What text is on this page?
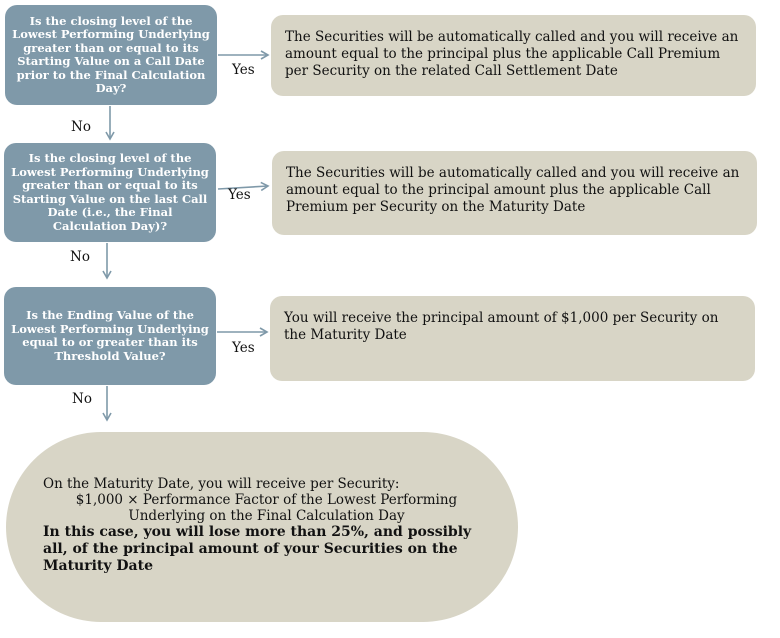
Is the closing level of the Lowest Performing Underlying greater than or equal to its Starting Value on a Call Date prior to the Final Calculation Day?
Yes
The Securities will be automatically called and you will receive an amount equal to the principal plus the applicable Call Premium per Security on the related Call Settlement Date
No
Is the closing level of the Lowest Performing Underlying greater than or equal to its Starting Value on the last Call Date (i.e., the Final Calculation Day)?
Yes
The Securities will be automatically called and you will receive an amount equal to the principal amount plus the applicable Call Premium per Security on the Maturity Date
No
Is the Ending Value of the Lowest Performing Underlying equal to or greater than its Threshold Value?	Yes
You will receive the principal amount of $1,000 per Security on the Maturity Date
No
On the Maturity Date, you will receive per Security:
$1,000 × Performance Factor of the Lowest Performing
Underlying on the Final Calculation Day
In this case, you will lose more than 25%, and possibly all, of the principal amount of your Securities on the Maturity Date
